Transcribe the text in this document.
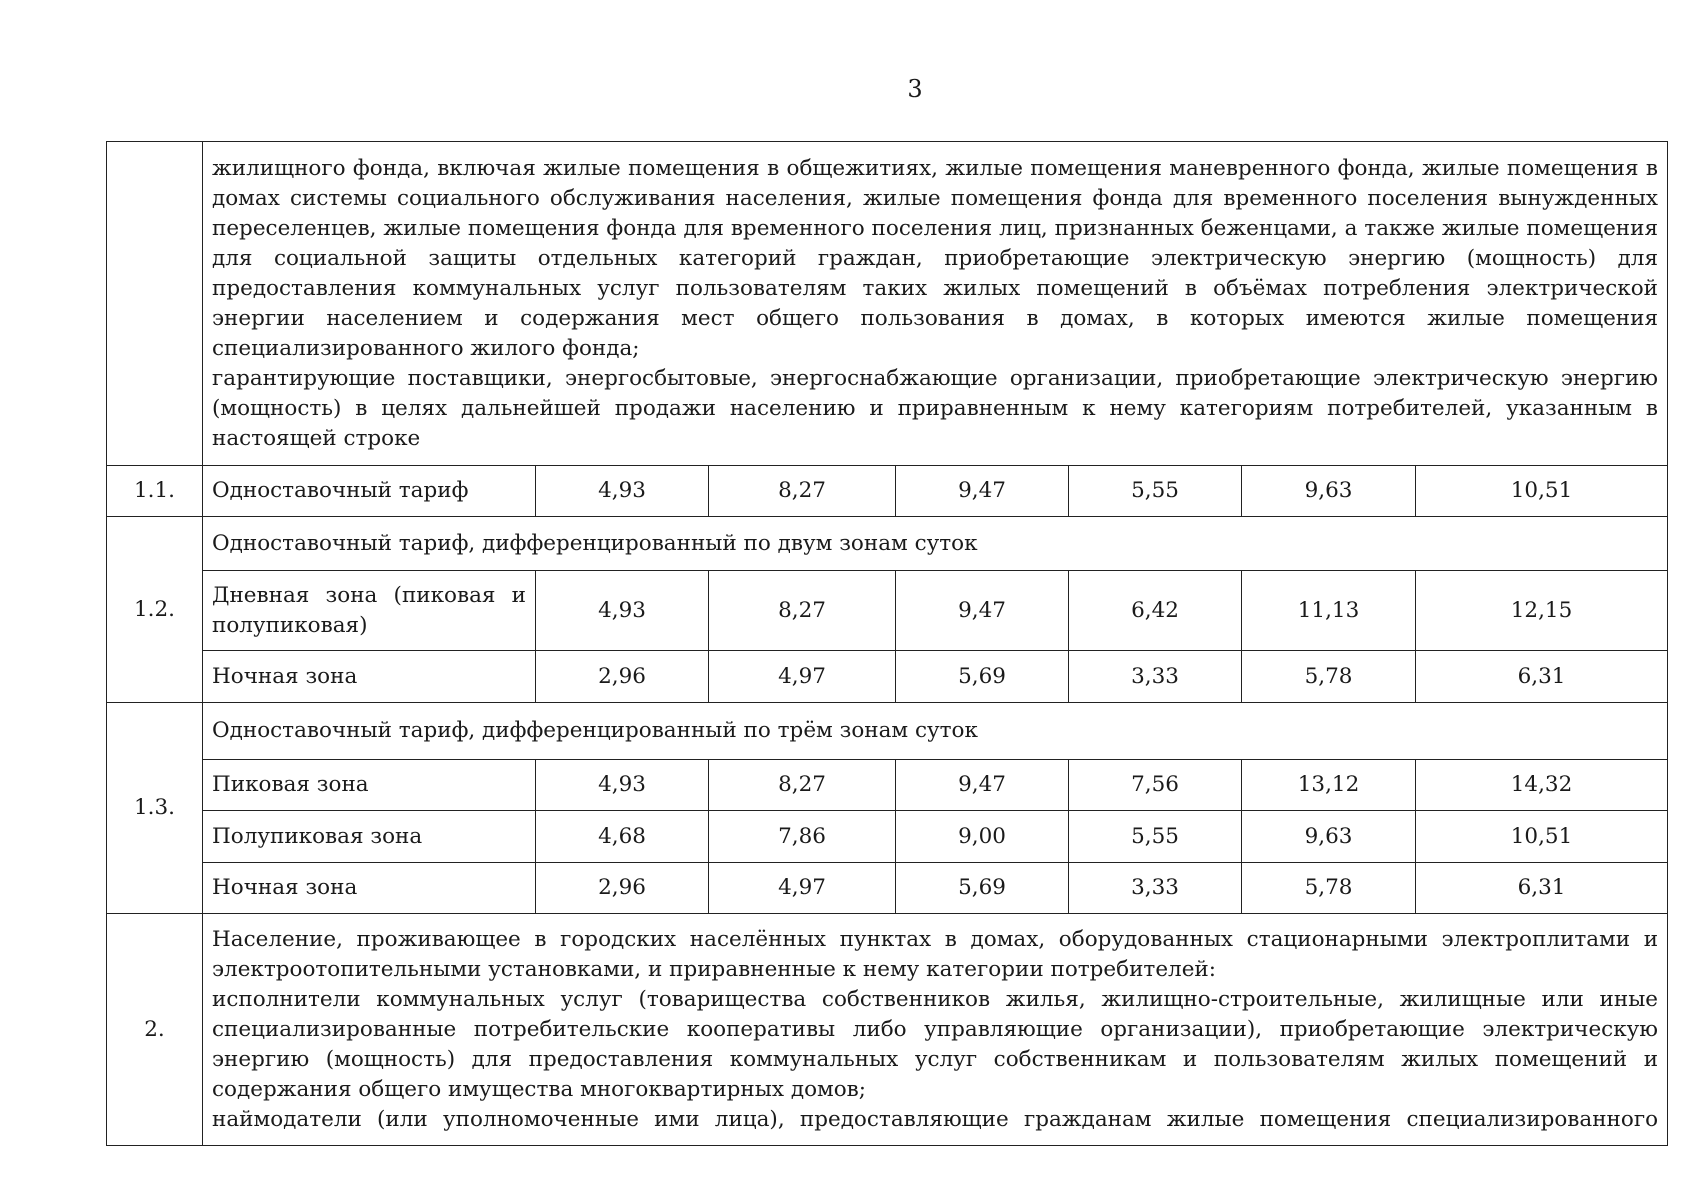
3

	жилищного фонда, включая жилые помещения в общежитиях, жилые помещения маневренного фонда, жилые помещения в домах системы социального обслуживания населения, жилые помещения фонда для временного поселения вынужденных переселенцев, жилые помещения фонда для временного поселения лиц, признанных беженцами, а также жилые помещения для социальной защиты отдельных категорий граждан, приобретающие электрическую энергию (мощность) для предоставления коммунальных услуг пользователям таких жилых помещений в объёмах потребления электрической энергии населением и содержания мест общего пользования в домах, в которых имеются жилые помещения специализированного жилого фонда;

гарантирующие поставщики, энергосбытовые, энергоснабжающие организации, приобретающие электрическую энергию (мощность) в целях дальнейшей продажи населению и приравненным к нему категориям потребителей, указанным в настоящей строке						

1.1.	Одноставочный тариф	4,93	8,27	9,47	5,55	9,63	10,51
1.2.	Одноставочный тариф, дифференцированный по двум зонам суток						

	Дневная зона (пиковая и полупиковая)	4,93	8,27	9,47	6,42	11,13	12,15
	Ночная зона	2,96	4,97	5,69	3,33	5,78	6,31
1.3.	Одноставочный тариф, дифференцированный по трём зонам суток						
	Пиковая зона	4,93	8,27	9,47	7,56	13,12	14,32
	Полупиковая зона	4,68	7,86	9,00	5,55	9,63	10,51
	Ночная зона	2,96	4,97	5,69	3,33	5,78	6,31
2.	Население, проживающее в городских населённых пунктах в домах, оборудованных стационарными электроплитами и электроотопительными установками, и приравненные к нему категории потребителей:

исполнители коммунальных услуг (товарищества собственников жилья, жилищно-строительные, жилищные или иные специализированные потребительские кооперативы либо управляющие организации), приобретающие электрическую энергию (мощность) для предоставления коммунальных услуг собственникам и пользователям жилых помещений и содержания общего имущества многоквартирных домов;

наймодатели (или уполномоченные ими лица), предоставляющие гражданам жилые помещения специализированного						
